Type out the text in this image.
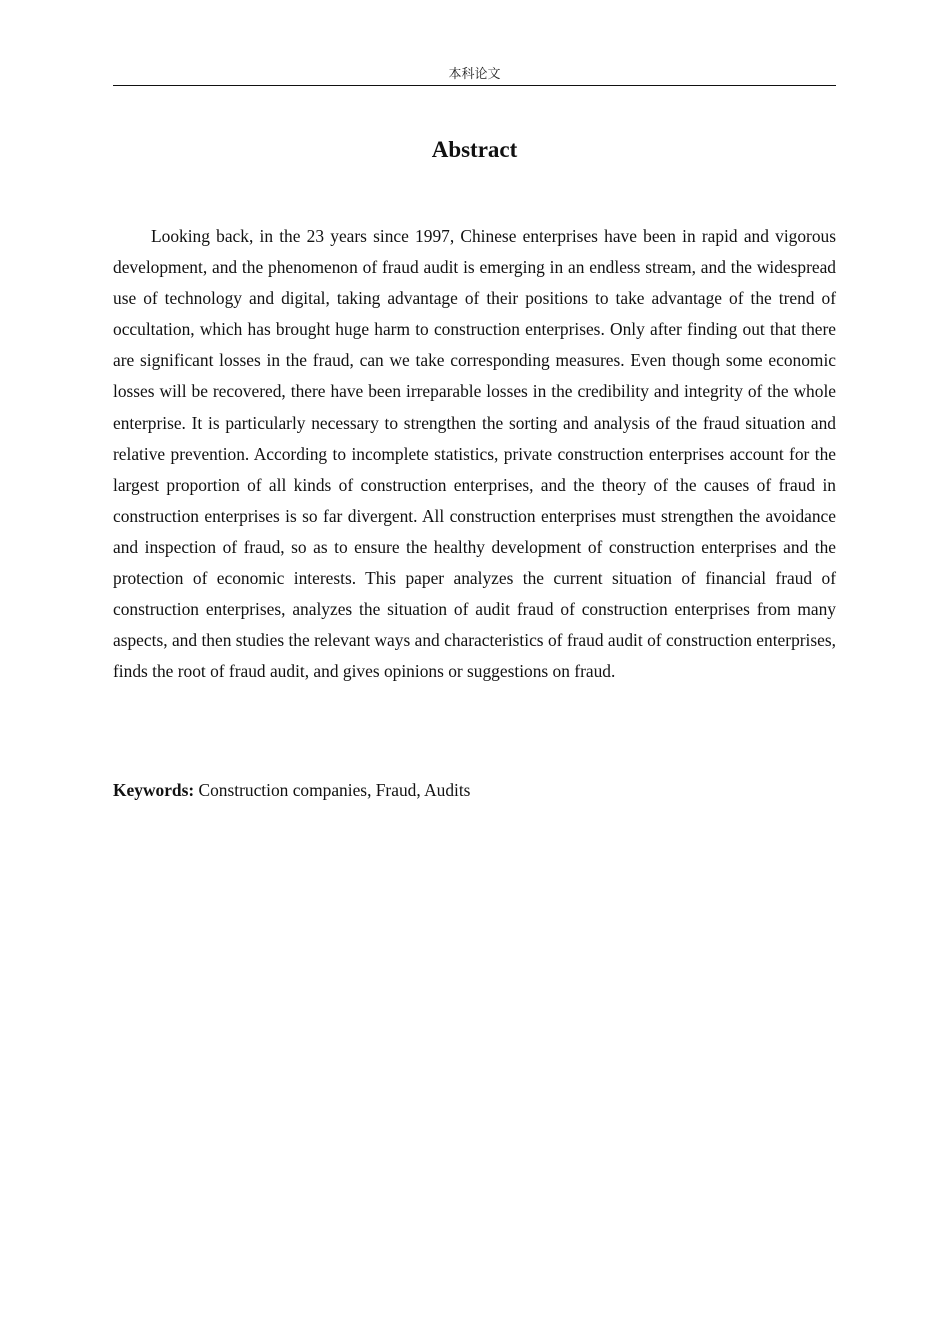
本科论文
Abstract

Looking back, in the 23 years since 1997, Chinese enterprises have been in rapid and vigorous development, and the phenomenon of fraud audit is emerging in an endless stream, and the widespread use of technology and digital, taking advantage of their positions to take advantage of the trend of occultation, which has brought huge harm to construction enterprises. Only after finding out that there are significant losses in the fraud, can we take corresponding measures. Even though some economic losses will be recovered, there have been irreparable losses in the credibility and integrity of the whole enterprise. It is particularly necessary to strengthen the sorting and analysis of the fraud situation and relative prevention. According to incomplete statistics, private construction enterprises account for the largest proportion of all kinds of construction enterprises, and the theory of the causes of fraud in construction enterprises is so far divergent. All construction enterprises must strengthen the avoidance and inspection of fraud, so as to ensure the healthy development of construction enterprises and the protection of economic interests. This paper analyzes the current situation of financial fraud of construction enterprises, analyzes the situation of audit fraud of construction enterprises from many aspects, and then studies the relevant ways and characteristics of fraud audit of construction enterprises, finds the root of fraud audit, and gives opinions or suggestions on fraud.

Keywords: Construction companies, Fraud, Audits
